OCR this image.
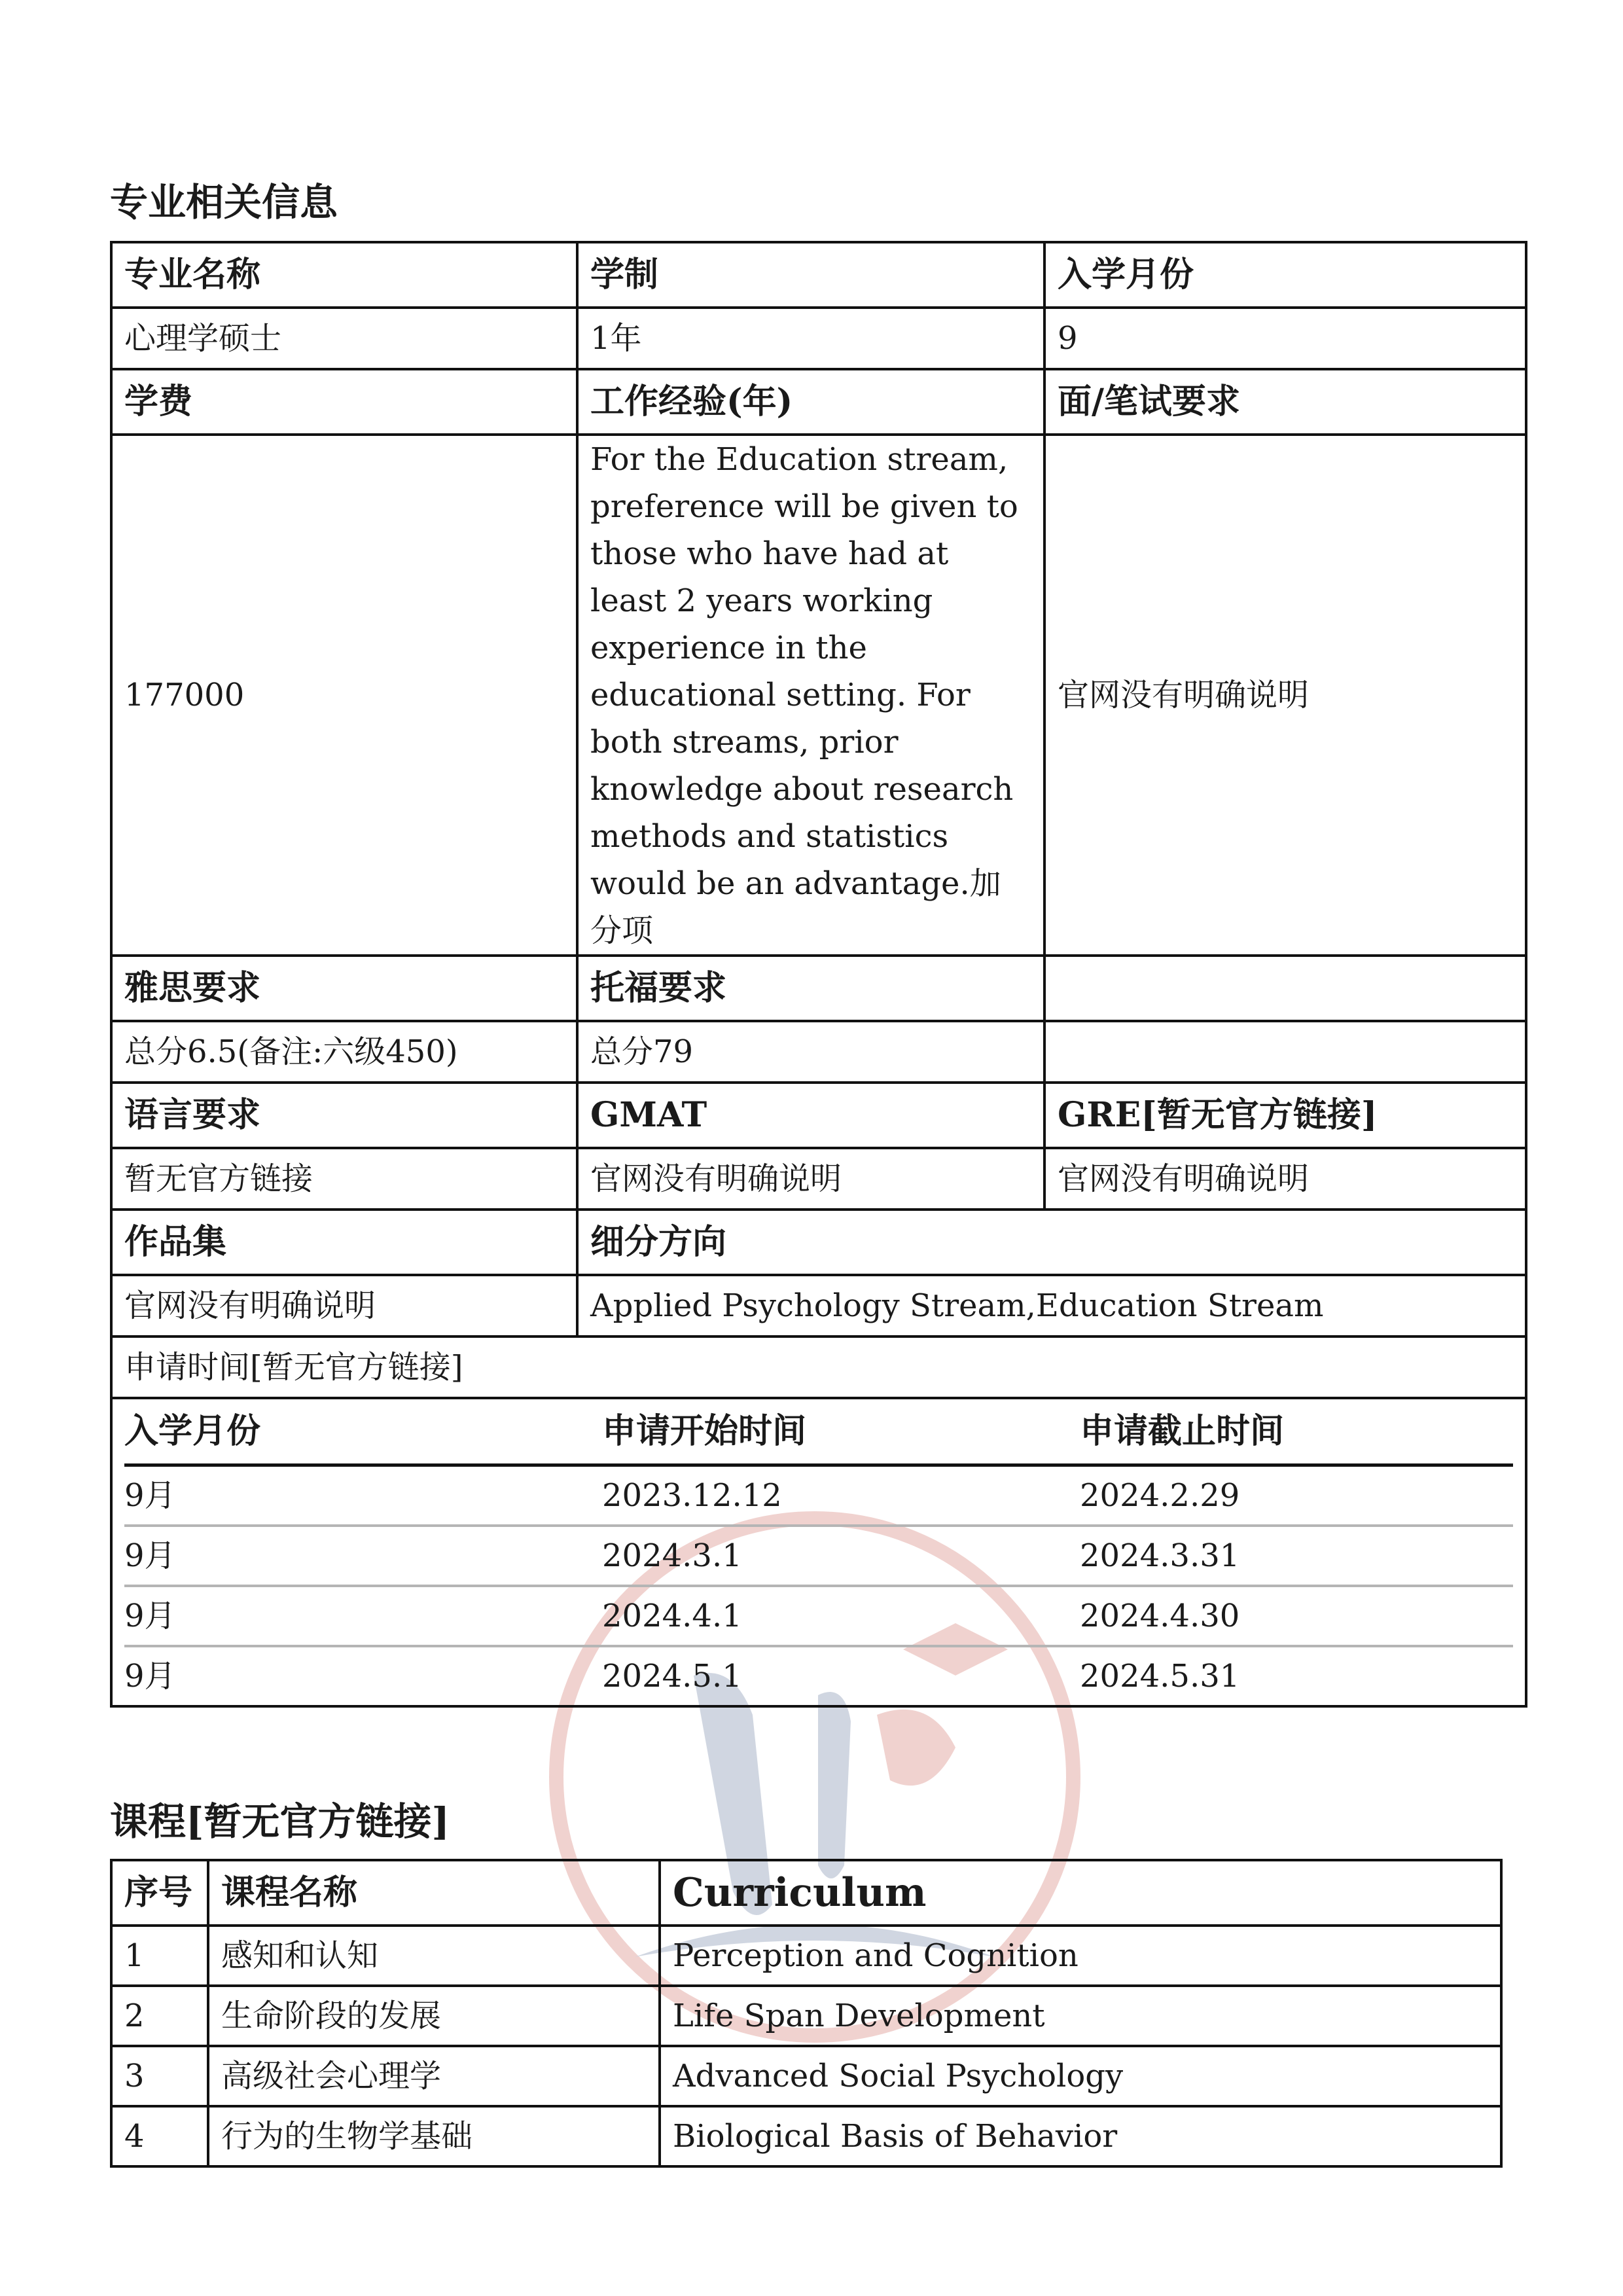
专业相关信息
专业名称	学制	入学月份
心理学硕士	1年	9
学费	工作经验(年)	面/笔试要求
177000	For the Education stream, preference will be given to those who have had at least 2 years working experience in the educational setting. For both streams, prior knowledge about research methods and statistics would be an advantage.加分项	官网没有明确说明
雅思要求	托福要求	
总分6.5(备注:六级450)	总分79	
语言要求	GMAT	GRE[暂无官方链接]
暂无官方链接	官网没有明确说明	官网没有明确说明
作品集	细分方向
官网没有明确说明	Applied Psychology Stream,Education Stream
申请时间[暂无官方链接]

入学月份	申请开始时间	申请截止时间
9月	2023.12.12	2024.2.29
9月	2024.3.1	2024.3.31
9月	2024.4.1	2024.4.30
9月	2024.5.1	2024.5.31
课程[暂无官方链接]
序号	课程名称	Curriculum
1	感知和认知	Perception and Cognition
2	生命阶段的发展	Life Span Development
3	高级社会心理学	Advanced Social Psychology
4	行为的生物学基础	Biological Basis of Behavior
